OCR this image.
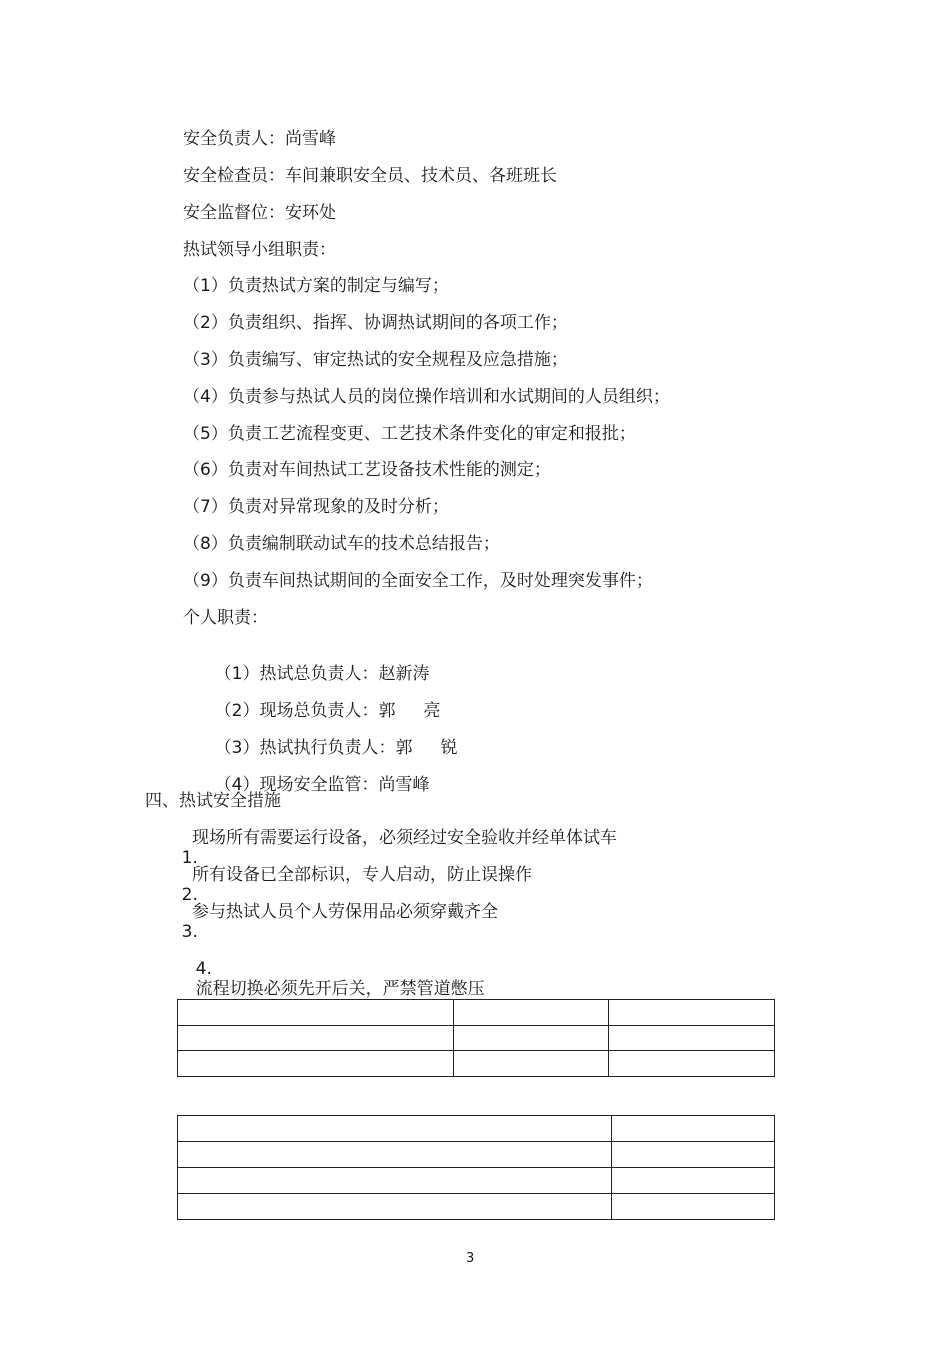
安全负责人：尚雪峰
安全检查员：车间兼职安全员、技术员、各班班长
安全监督位：安环处
热试领导小组职责：
（1）负责热试方案的制定与编写；
（2）负责组织、指挥、协调热试期间的各项工作；
（3）负责编写、审定热试的安全规程及应急措施；
（4）负责参与热试人员的岗位操作培训和水试期间的人员组织；
（5）负责工艺流程变更、工艺技术条件变化的审定和报批；
（6）负责对车间热试工艺设备技术性能的测定；
（7）负责对异常现象的及时分析；
（8）负责编制联动试车的技术总结报告；
（9）负责车间热试期间的全面安全工作，及时处理突发事件；
个人职责：

（1）热试总负责人：赵新涛

（2）现场总负责人：郭 亮

（3）热试执行负责人：郭 锐

（4）现场安全监管：尚雪峰

四、热试安全措施

1.

现场所有需要运行设备，必须经过安全验收并经单体试车

2.

所有设备已全部标识，专人启动，防止误操作

3.

参与热试人员个人劳保用品必须穿戴齐全

4.
流程切换必须先开后关，严禁管道憋压

3
